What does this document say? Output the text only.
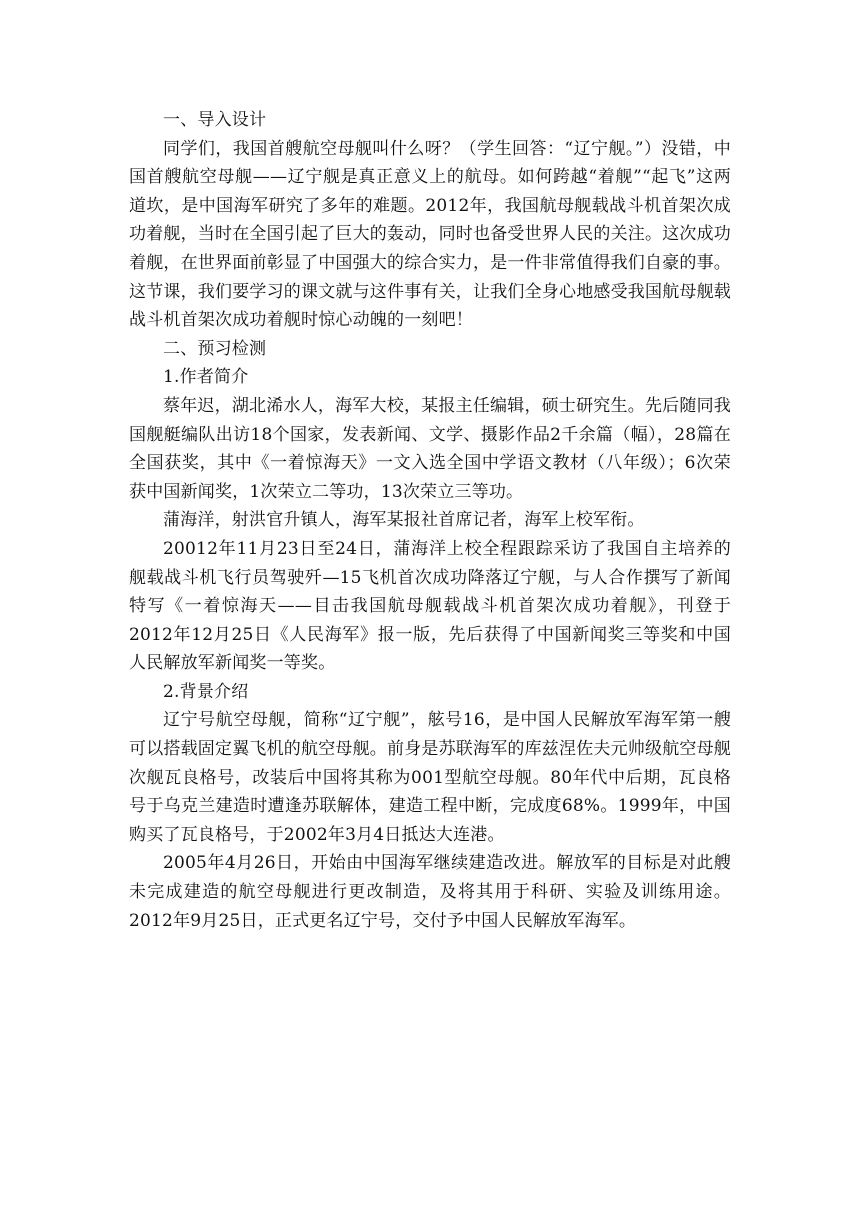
一、导入设计

同学们，我国首艘航空母舰叫什么呀？（学生回答：“辽宁舰。”）没错，中国首艘航空母舰——辽宁舰是真正意义上的航母。如何跨越“着舰”“起飞”这两道坎，是中国海军研究了多年的难题。2012年，我国航母舰载战斗机首架次成功着舰，当时在全国引起了巨大的轰动，同时也备受世界人民的关注。这次成功着舰，在世界面前彰显了中国强大的综合实力，是一件非常值得我们自豪的事。这节课，我们要学习的课文就与这件事有关，让我们全身心地感受我国航母舰载战斗机首架次成功着舰时惊心动魄的一刻吧！

二、预习检测

1.作者简介

蔡年迟，湖北浠水人，海军大校，某报主任编辑，硕士研究生。先后随同我国舰艇编队出访18个国家，发表新闻、文学、摄影作品2千余篇（幅），28篇在全国获奖，其中《一着惊海天》一文入选全国中学语文教材（八年级）；6次荣获中国新闻奖，1次荣立二等功，13次荣立三等功。

蒲海洋，射洪官升镇人，海军某报社首席记者，海军上校军衔。

20012年11月23日至24日，蒲海洋上校全程跟踪采访了我国自主培养的舰载战斗机飞行员驾驶歼—15飞机首次成功降落辽宁舰，与人合作撰写了新闻特写《一着惊海天——目击我国航母舰载战斗机首架次成功着舰》，刊登于 2012年12月25日《人民海军》报一版，先后获得了中国新闻奖三等奖和中国人民解放军新闻奖一等奖。

2.背景介绍

辽宁号航空母舰，简称“辽宁舰”，舷号16，是中国人民解放军海军第一艘可以搭载固定翼飞机的航空母舰。前身是苏联海军的库兹涅佐夫元帅级航空母舰次舰瓦良格号，改装后中国将其称为001型航空母舰。80年代中后期，瓦良格号于乌克兰建造时遭逢苏联解体，建造工程中断，完成度68%。1999年，中国购买了瓦良格号，于2002年3月4日抵达大连港。

2005年4月26日，开始由中国海军继续建造改进。解放军的目标是对此艘未完成建造的航空母舰进行更改制造，及将其用于科研、实验及训练用途。2012年9月25日，正式更名辽宁号，交付予中国人民解放军海军。
